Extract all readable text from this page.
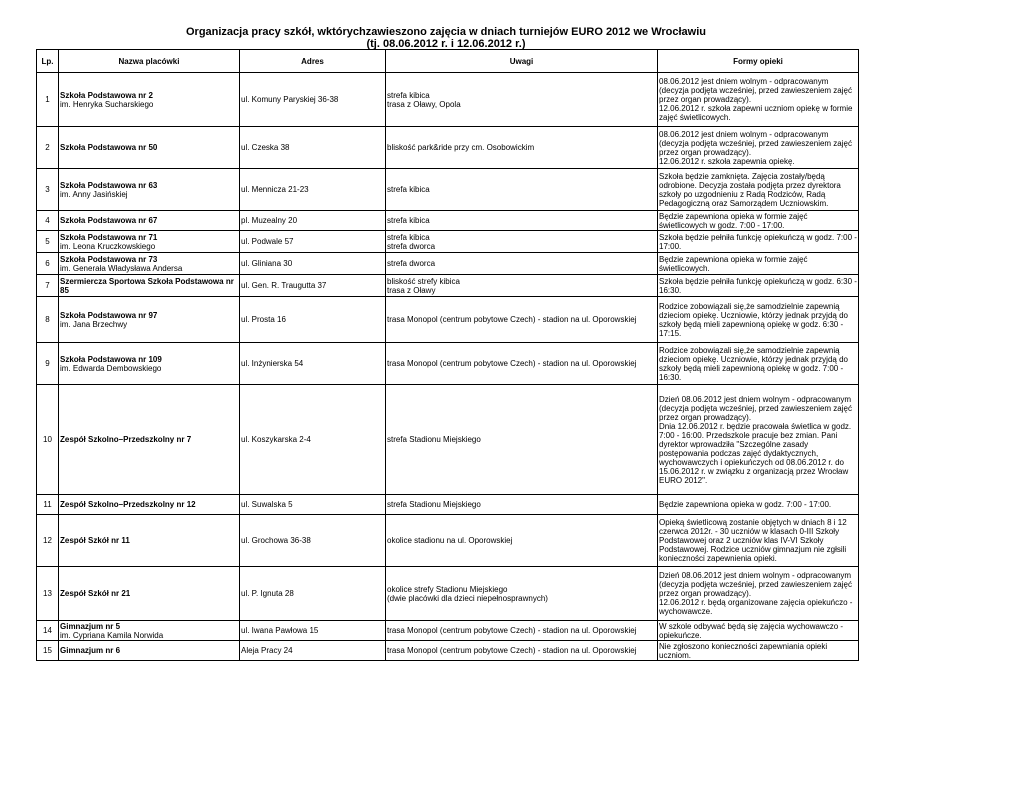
Organizacja pracy szkół, wktórychzawieszono zajęcia w dniach turniejów EURO 2012 we Wrocławiu
(tj. 08.06.2012 r. i 12.06.2012 r.)
Lp.	Nazwa placówki	Adres	Uwagi	Formy opieki

1	Szkoła Podstawowa nr 2
im. Henryka Sucharskiego	ul. Komuny Paryskiej 36-38	strefa kibica
trasa z Oławy, Opola	08.06.2012 jest dniem wolnym - odpracowanym (decyzja podjęta wcześniej, przed zawieszeniem zajęć przez organ prowadzący).
12.06.2012 r. szkoła zapewni uczniom opiekę w formie zajęć świetlicowych.

2	Szkoła Podstawowa nr 50	ul. Czeska 38	bliskość park&ride przy cm. Osobowickim	08.06.2012 jest dniem wolnym - odpracowanym (decyzja podjęta wcześniej, przed zawieszeniem zajęć przez organ prowadzący).
12.06.2012 r. szkoła zapewnia opiekę.

3	Szkoła Podstawowa nr 63
im. Anny Jasińskiej	ul. Mennicza 21-23	strefa kibica	Szkoła będzie zamknięta. Zajęcia zostały/będą odrobione. Decyzja została podjęta przez dyrektora szkoły po uzgodnieniu z Radą Rodziców, Radą Pedagogiczną oraz Samorządem Uczniowskim.

4	Szkoła Podstawowa nr 67	pl. Muzealny 20	strefa kibica	Będzie zapewniona opieka w formie zajęć świetlicowych w godz. 7:00 - 17:00.

5	Szkoła Podstawowa nr 71
im. Leona Kruczkowskiego	ul. Podwale 57	strefa kibica
strefa dworca	Szkoła będzie pełniła funkcję opiekuńczą w godz. 7:00 - 17:00.

6	Szkoła Podstawowa nr 73
im. Generała Władysława Andersa	ul. Gliniana 30	strefa dworca	Będzie zapewniona opieka w formie zajęć świetlicowych.

7	Szermiercza Sportowa Szkoła Podstawowa nr 85	ul. Gen. R. Traugutta 37	bliskość strefy kibica
trasa z Oławy	Szkoła będzie pełniła funkcję opiekuńczą w godz. 6:30 - 16:30.

8	Szkoła Podstawowa nr 97
im. Jana Brzechwy	ul. Prosta 16	trasa Monopol (centrum pobytowe Czech) - stadion na ul. Oporowskiej	Rodzice zobowiązali się,że samodzielnie zapewnią dzieciom opiekę. Uczniowie, którzy jednak przyjdą do szkoły będą mieli zapewnioną opiekę w godz. 6:30 - 17:15.

9	Szkoła Podstawowa nr 109
im. Edwarda Dembowskiego	ul. Inżynierska 54	trasa Monopol (centrum pobytowe Czech) - stadion na ul. Oporowskiej	Rodzice zobowiązali się,że samodzielnie zapewnią dzieciom opiekę. Uczniowie, którzy jednak przyjdą do szkoły będą mieli zapewnioną opiekę w godz. 7:00 - 16:30.

10	Zespół Szkolno–Przedszkolny nr 7	ul. Koszykarska 2-4	strefa Stadionu Miejskiego	Dzień 08.06.2012 jest dniem wolnym - odpracowanym (decyzja podjęta wcześniej, przed zawieszeniem zajęć przez organ prowadzący).
Dnia 12.06.2012 r. będzie pracowała świetlica w godz. 7:00 - 16:00. Przedszkole pracuje bez zmian. Pani dyrektor wprowadziła "Szczególne zasady postępowania podczas zajęć dydaktycznych, wychowawczych i opiekuńczych od 08.06.2012 r. do 15.06.2012 r. w związku z organizacją przez Wrocław EURO 2012".

11	Zespół Szkolno–Przedszkolny nr 12	ul. Suwalska 5	strefa Stadionu Miejskiego	Będzie zapewniona opieka w godz. 7:00 - 17:00.

12	Zespół Szkół nr 11	ul. Grochowa 36-38	okolice stadionu na ul. Oporowskiej	Opieką świetlicową zostanie objętych w dniach 8 i 12 czerwca 2012r. - 30 uczniów w klasach 0-III Szkoły Podstawowej oraz 2 uczniów klas IV-VI Szkoły Podstawowej. Rodzice uczniów gimnazjum nie zgłsili konieczności zapewnienia opieki.

13	Zespół Szkół nr 21	ul. P. Ignuta 28	okolice strefy Stadionu Miejskiego
(dwie placówki dla dzieci niepełnosprawnych)	Dzień 08.06.2012 jest dniem wolnym - odpracowanym (decyzja podjęta wcześniej, przed zawieszeniem zajęć przez organ prowadzący).
12.06.2012 r. będą organizowane zajęcia opiekuńczo - wychowawcze.

14	Gimnazjum nr 5
im. Cypriana Kamila Norwida	ul. Iwana Pawłowa 15	trasa Monopol (centrum pobytowe Czech) - stadion na ul. Oporowskiej	W szkole odbywać będą się zajęcia wychowawczo - opiekuńcze.

15	Gimnazjum nr 6	Aleja Pracy 24	trasa Monopol (centrum pobytowe Czech) - stadion na ul. Oporowskiej	Nie zgłoszono konieczności zapewniania opieki uczniom.
